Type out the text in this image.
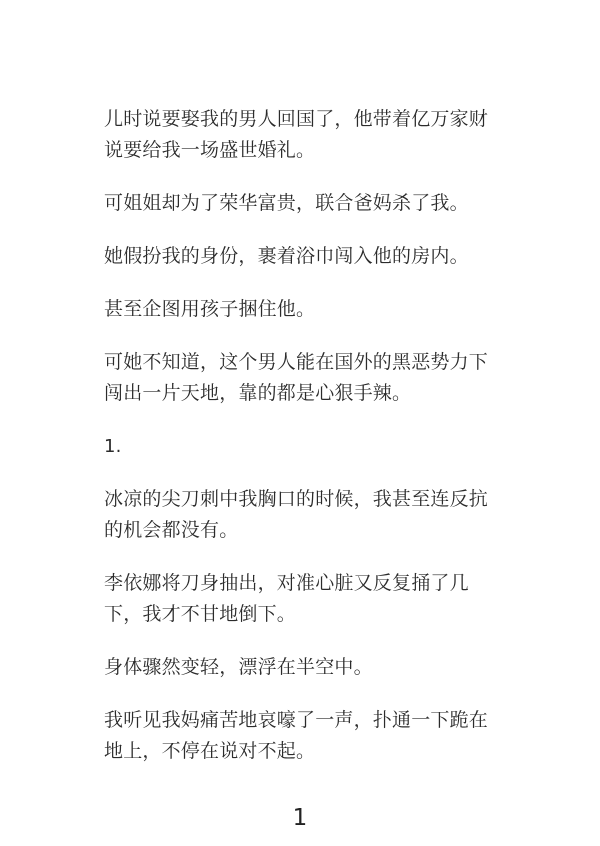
儿时说要娶我的男人回国了，他带着亿万家财说要给我一场盛世婚礼。

可姐姐却为了荣华富贵，联合爸妈杀了我。

她假扮我的身份，裹着浴巾闯入他的房内。

甚至企图用孩子捆住他。

可她不知道，这个男人能在国外的黑恶势力下闯出一片天地，靠的都是心狠手辣。

1.

冰凉的尖刀刺中我胸口的时候，我甚至连反抗的机会都没有。

李依娜将刀身抽出，对准心脏又反复捅了几下，我才不甘地倒下。

身体骤然变轻，漂浮在半空中。

我听见我妈痛苦地哀嚎了一声，扑通一下跪在地上，不停在说对不起。

1
